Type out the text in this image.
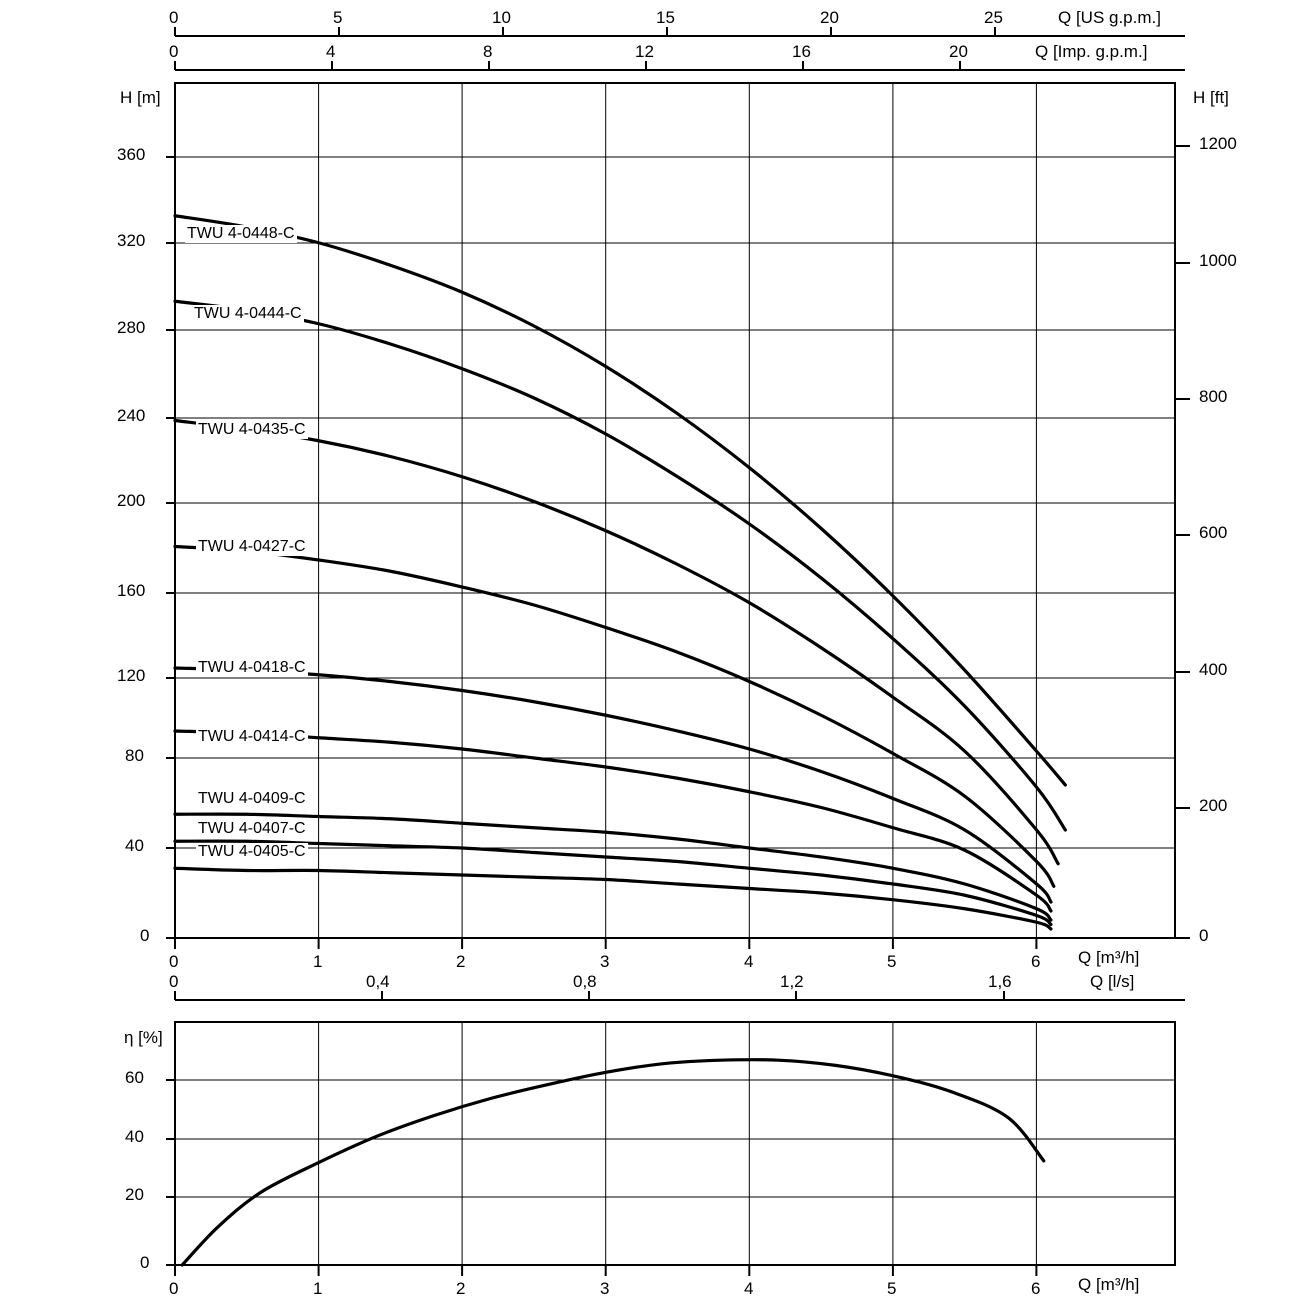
0	5	10	15	20	25	Q [US g.p.m.]
0	4	8	12	16	20	Q [Imp. g.p.m.]
H [m]
0
40
80
120
160
200
240
280
320
360
H [ft]
0
200
400
600
800
1000
1200
0	1	2	3	4	5	6 Q [m³/h]
TWU 4-0448-C
TWU 4-0444-C
TWU 4-0435-C
TWU 4-0427-C
TWU 4-0418-C
TWU 4-0414-C
TWU 4-0409-C
TWU 4-0407-C
TWU 4-0405-C
0	0,4	0,8	1,2	1,6	Q [l/s]
η [%]
0
20
40
60
0	1	2	3	4	5	6 Q [m³/h]
